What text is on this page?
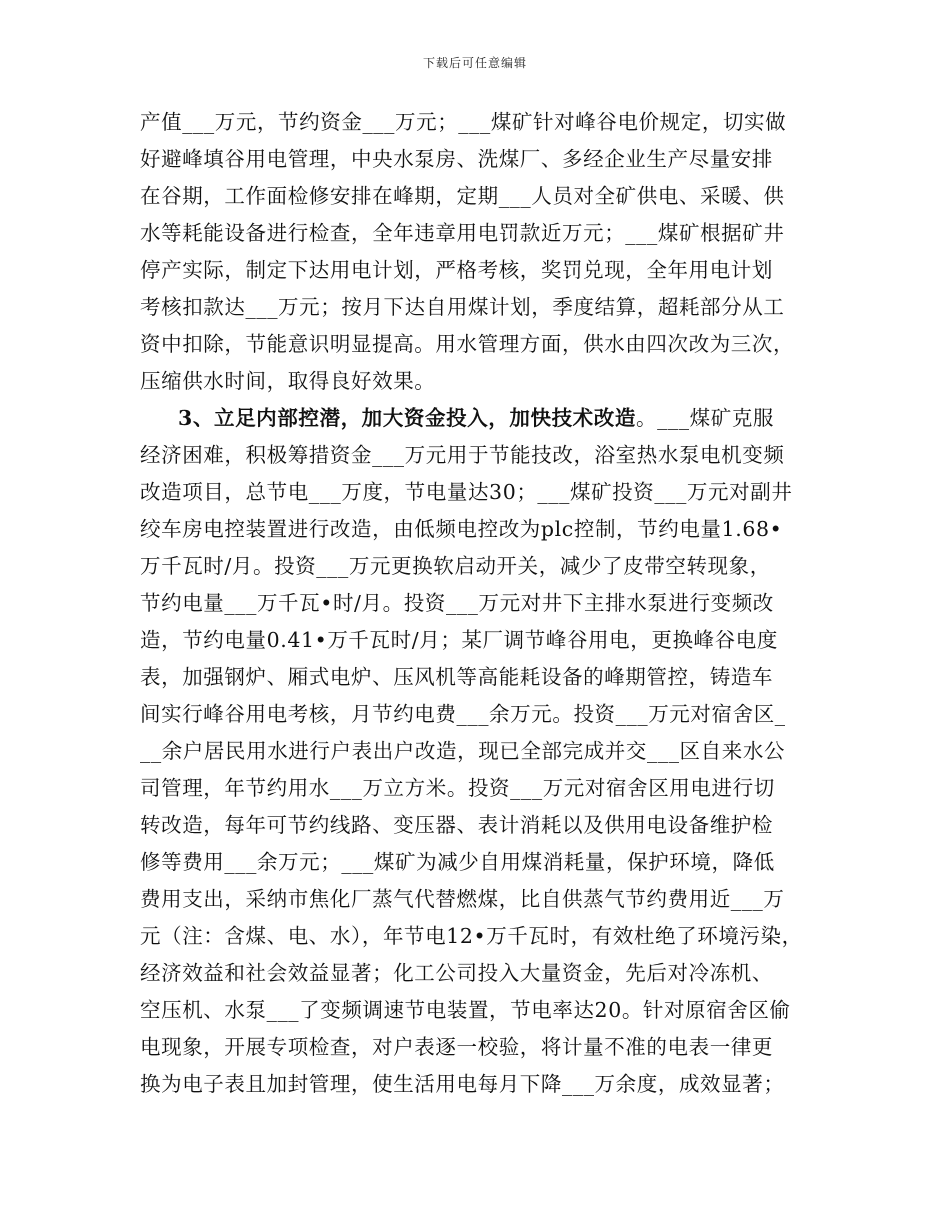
下载后可任意编辑
产值___万元，节约资金___万元；___煤矿针对峰谷电价规定，切实做
好避峰填谷用电管理，中央水泵房、洗煤厂、多经企业生产尽量安排
在谷期，工作面检修安排在峰期，定期___人员对全矿供电、采暖、供
水等耗能设备进行检查，全年违章用电罚款近万元；___煤矿根据矿井
停产实际，制定下达用电计划，严格考核，奖罚兑现，全年用电计划
考核扣款达___万元；按月下达自用煤计划，季度结算，超耗部分从工
资中扣除，节能意识明显提高。用水管理方面，供水由四次改为三次，
压缩供水时间，取得良好效果。
3、立足内部控潜，加大资金投入，加快技术改造。___煤矿克服
经济困难，积极筹措资金___万元用于节能技改，浴室热水泵电机变频
改造项目，总节电___万度，节电量达30；___煤矿投资___万元对副井
绞车房电控装置进行改造，由低频电控改为plc控制，节约电量1.68•
万千瓦时/月。投资___万元更换软启动开关，减少了皮带空转现象，
节约电量___万千瓦•时/月。投资___万元对井下主排水泵进行变频改
造，节约电量0.41•万千瓦时/月；某厂调节峰谷用电，更换峰谷电度
表，加强钢炉、厢式电炉、压风机等高能耗设备的峰期管控，铸造车
间实行峰谷用电考核，月节约电费___余万元。投资___万元对宿舍区_
__余户居民用水进行户表出户改造，现已全部完成并交___区自来水公
司管理，年节约用水___万立方米。投资___万元对宿舍区用电进行切
转改造，每年可节约线路、变压器、表计消耗以及供用电设备维护检
修等费用___余万元；___煤矿为减少自用煤消耗量，保护环境，降低
费用支出，采纳市焦化厂蒸气代替燃煤，比自供蒸气节约费用近___万
元（注：含煤、电、水），年节电12•万千瓦时，有效杜绝了环境污染，
经济效益和社会效益显著；化工公司投入大量资金，先后对冷冻机、
空压机、水泵___了变频调速节电装置，节电率达20。针对原宿舍区偷
电现象，开展专项检查，对户表逐一校验，将计量不准的电表一律更
换为电子表且加封管理，使生活用电每月下降___万余度，成效显著；
